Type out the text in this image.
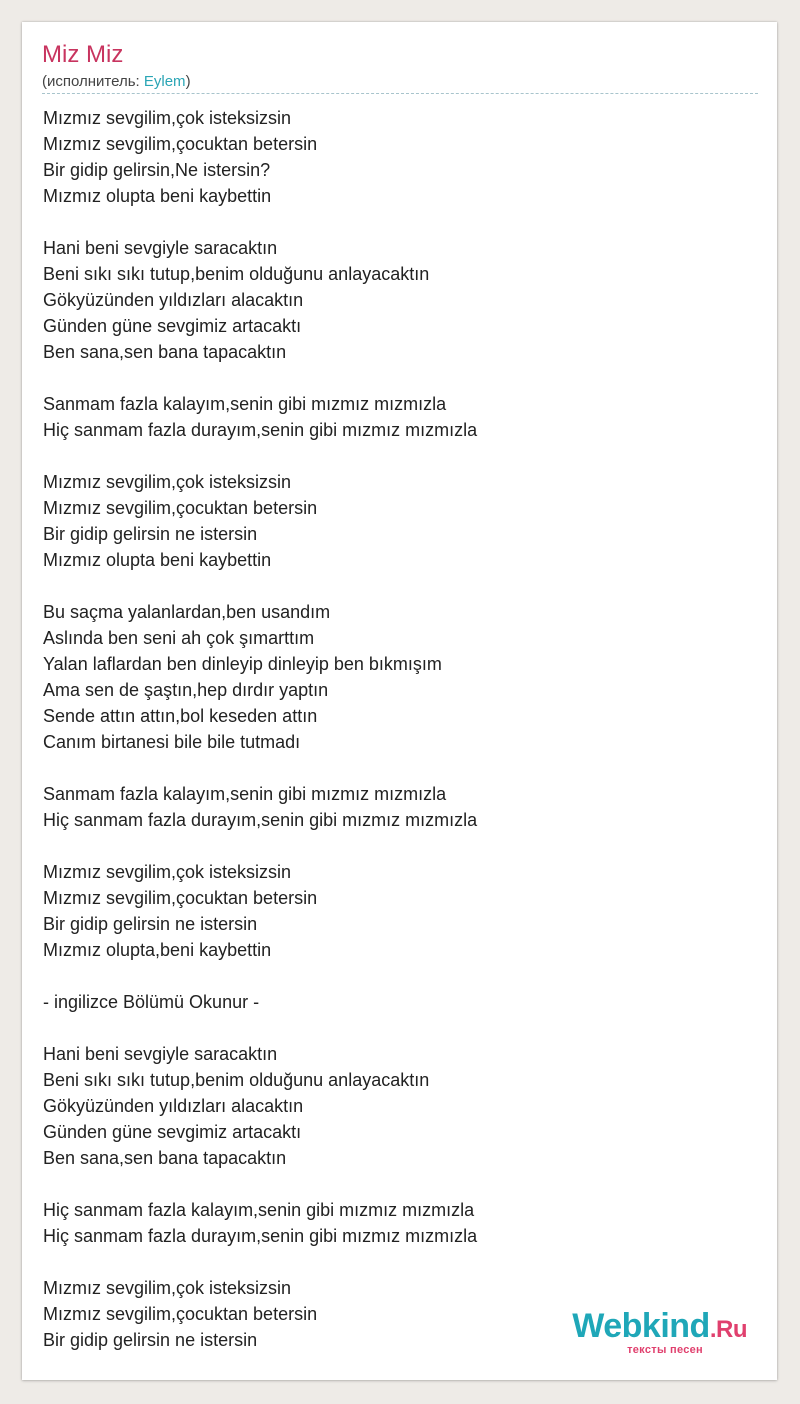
Miz Miz
(исполнитель: Eylem)
Mızmız sevgilim,çok isteksizsin
Mızmız sevgilim,çocuktan betersin
Bir gidip gelirsin,Ne istersin?
Mızmız olupta beni kaybettin
Hani beni sevgiyle saracaktın
Beni sıkı sıkı tutup,benim olduğunu anlayacaktın
Gökyüzünden yıldızları alacaktın
Günden güne sevgimiz artacaktı
Ben sana,sen bana tapacaktın
Sanmam fazla kalayım,senin gibi mızmız mızmızla
Hiç sanmam fazla durayım,senin gibi mızmız mızmızla
Mızmız sevgilim,çok isteksizsin
Mızmız sevgilim,çocuktan betersin
Bir gidip gelirsin ne istersin
Mızmız olupta beni kaybettin
Bu saçma yalanlardan,ben usandım
Aslında ben seni ah çok şımarttım
Yalan laflardan ben dinleyip dinleyip ben bıkmışım
Ama sen de şaştın,hep dırdır yaptın
Sende attın attın,bol keseden attın
Canım birtanesi bile bile tutmadı
Sanmam fazla kalayım,senin gibi mızmız mızmızla
Hiç sanmam fazla durayım,senin gibi mızmız mızmızla
Mızmız sevgilim,çok isteksizsin
Mızmız sevgilim,çocuktan betersin
Bir gidip gelirsin ne istersin
Mızmız olupta,beni kaybettin
- ingilizce Bölümü Okunur -
Hani beni sevgiyle saracaktın
Beni sıkı sıkı tutup,benim olduğunu anlayacaktın
Gökyüzünden yıldızları alacaktın
Günden güne sevgimiz artacaktı
Ben sana,sen bana tapacaktın
Hiç sanmam fazla kalayım,senin gibi mızmız mızmızla
Hiç sanmam fazla durayım,senin gibi mızmız mızmızla
Mızmız sevgilim,çok isteksizsin
Mızmız sevgilim,çocuktan betersin
Bir gidip gelirsin ne istersin	Webkind.Ru
тексты песен
